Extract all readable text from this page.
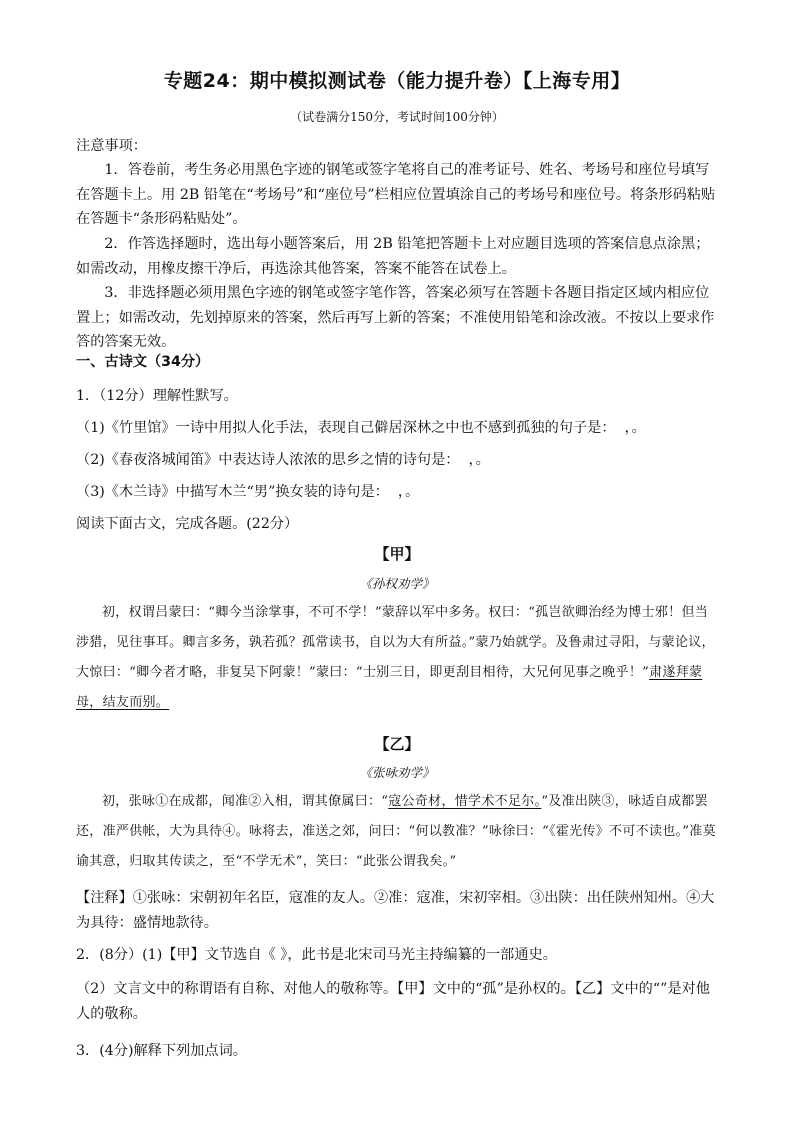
专题24：期中模拟测试卷（能力提升卷）【上海专用】
（试卷满分150分，考试时间100分钟）
注意事项：
1．答卷前，考生务必用黑色字迹的钢笔或签字笔将自己的准考证号、姓名、考场号和座位号填写在答题卡上。用 2B 铅笔在“考场号”和“座位号”栏相应位置填涂自己的考场号和座位号。将条形码粘贴在答题卡“条形码粘贴处”。
2．作答选择题时，选出每小题答案后，用 2B 铅笔把答题卡上对应题目选项的答案信息点涂黑；如需改动，用橡皮擦干净后，再选涂其他答案，答案不能答在试卷上。
3．非选择题必须用黑色字迹的钢笔或签字笔作答，答案必须写在答题卡各题目指定区域内相应位置上；如需改动，先划掉原来的答案，然后再写上新的答案；不准使用铅笔和涂改液。不按以上要求作答的答案无效。
一、古诗文（34分）
1．（12分）理解性默写。
（1)《竹里馆》一诗中用拟人化手法，表现自己僻居深林之中也不感到孤独的句子是： ，。
（2)《春夜洛城闻笛》中表达诗人浓浓的思乡之情的诗句是： ，。
（3)《木兰诗》中描写木兰“男”换女装的诗句是： ，。
阅读下面古文，完成各题。(22分）
【甲】
《孙权劝学》
初，权谓吕蒙曰：“卿今当涂掌事，不可不学！”蒙辞以军中多务。权曰：“孤岂欲卿治经为博士邪！但当涉猎，见往事耳。卿言多务，孰若孤？孤常读书，自以为大有所益。”蒙乃始就学。及鲁肃过寻阳，与蒙论议，大惊曰：“卿今者才略，非复吴下阿蒙！”蒙曰：“士别三日，即更刮目相待，大兄何见事之晚乎！”肃遂拜蒙母，结友而别。
【乙】
《张咏劝学》
初，张咏①在成都，闻准②入相，谓其僚属曰：“寇公奇材，惜学术不足尔。”及准出陕③，咏适自成都罢还，准严供帐，大为具待④。咏将去，准送之郊，问曰：“何以教准？”咏徐曰：“《霍光传》不可不读也。”准莫谕其意，归取其传读之，至“不学无术”，笑曰：“此张公谓我矣。”
【注释】①张咏：宋朝初年名臣，寇准的友人。②准：寇准，宋初宰相。③出陕：出任陕州知州。④大为具待：盛情地款待。
2．(8分）(1)【甲】文节选自《 》，此书是北宋司马光主持编纂的一部通史。
（2）文言文中的称谓语有自称、对他人的敬称等。【甲】文中的“孤”是孙权的。【乙】文中的“”是对他人的敬称。
3．(4分)解释下列加点词。
